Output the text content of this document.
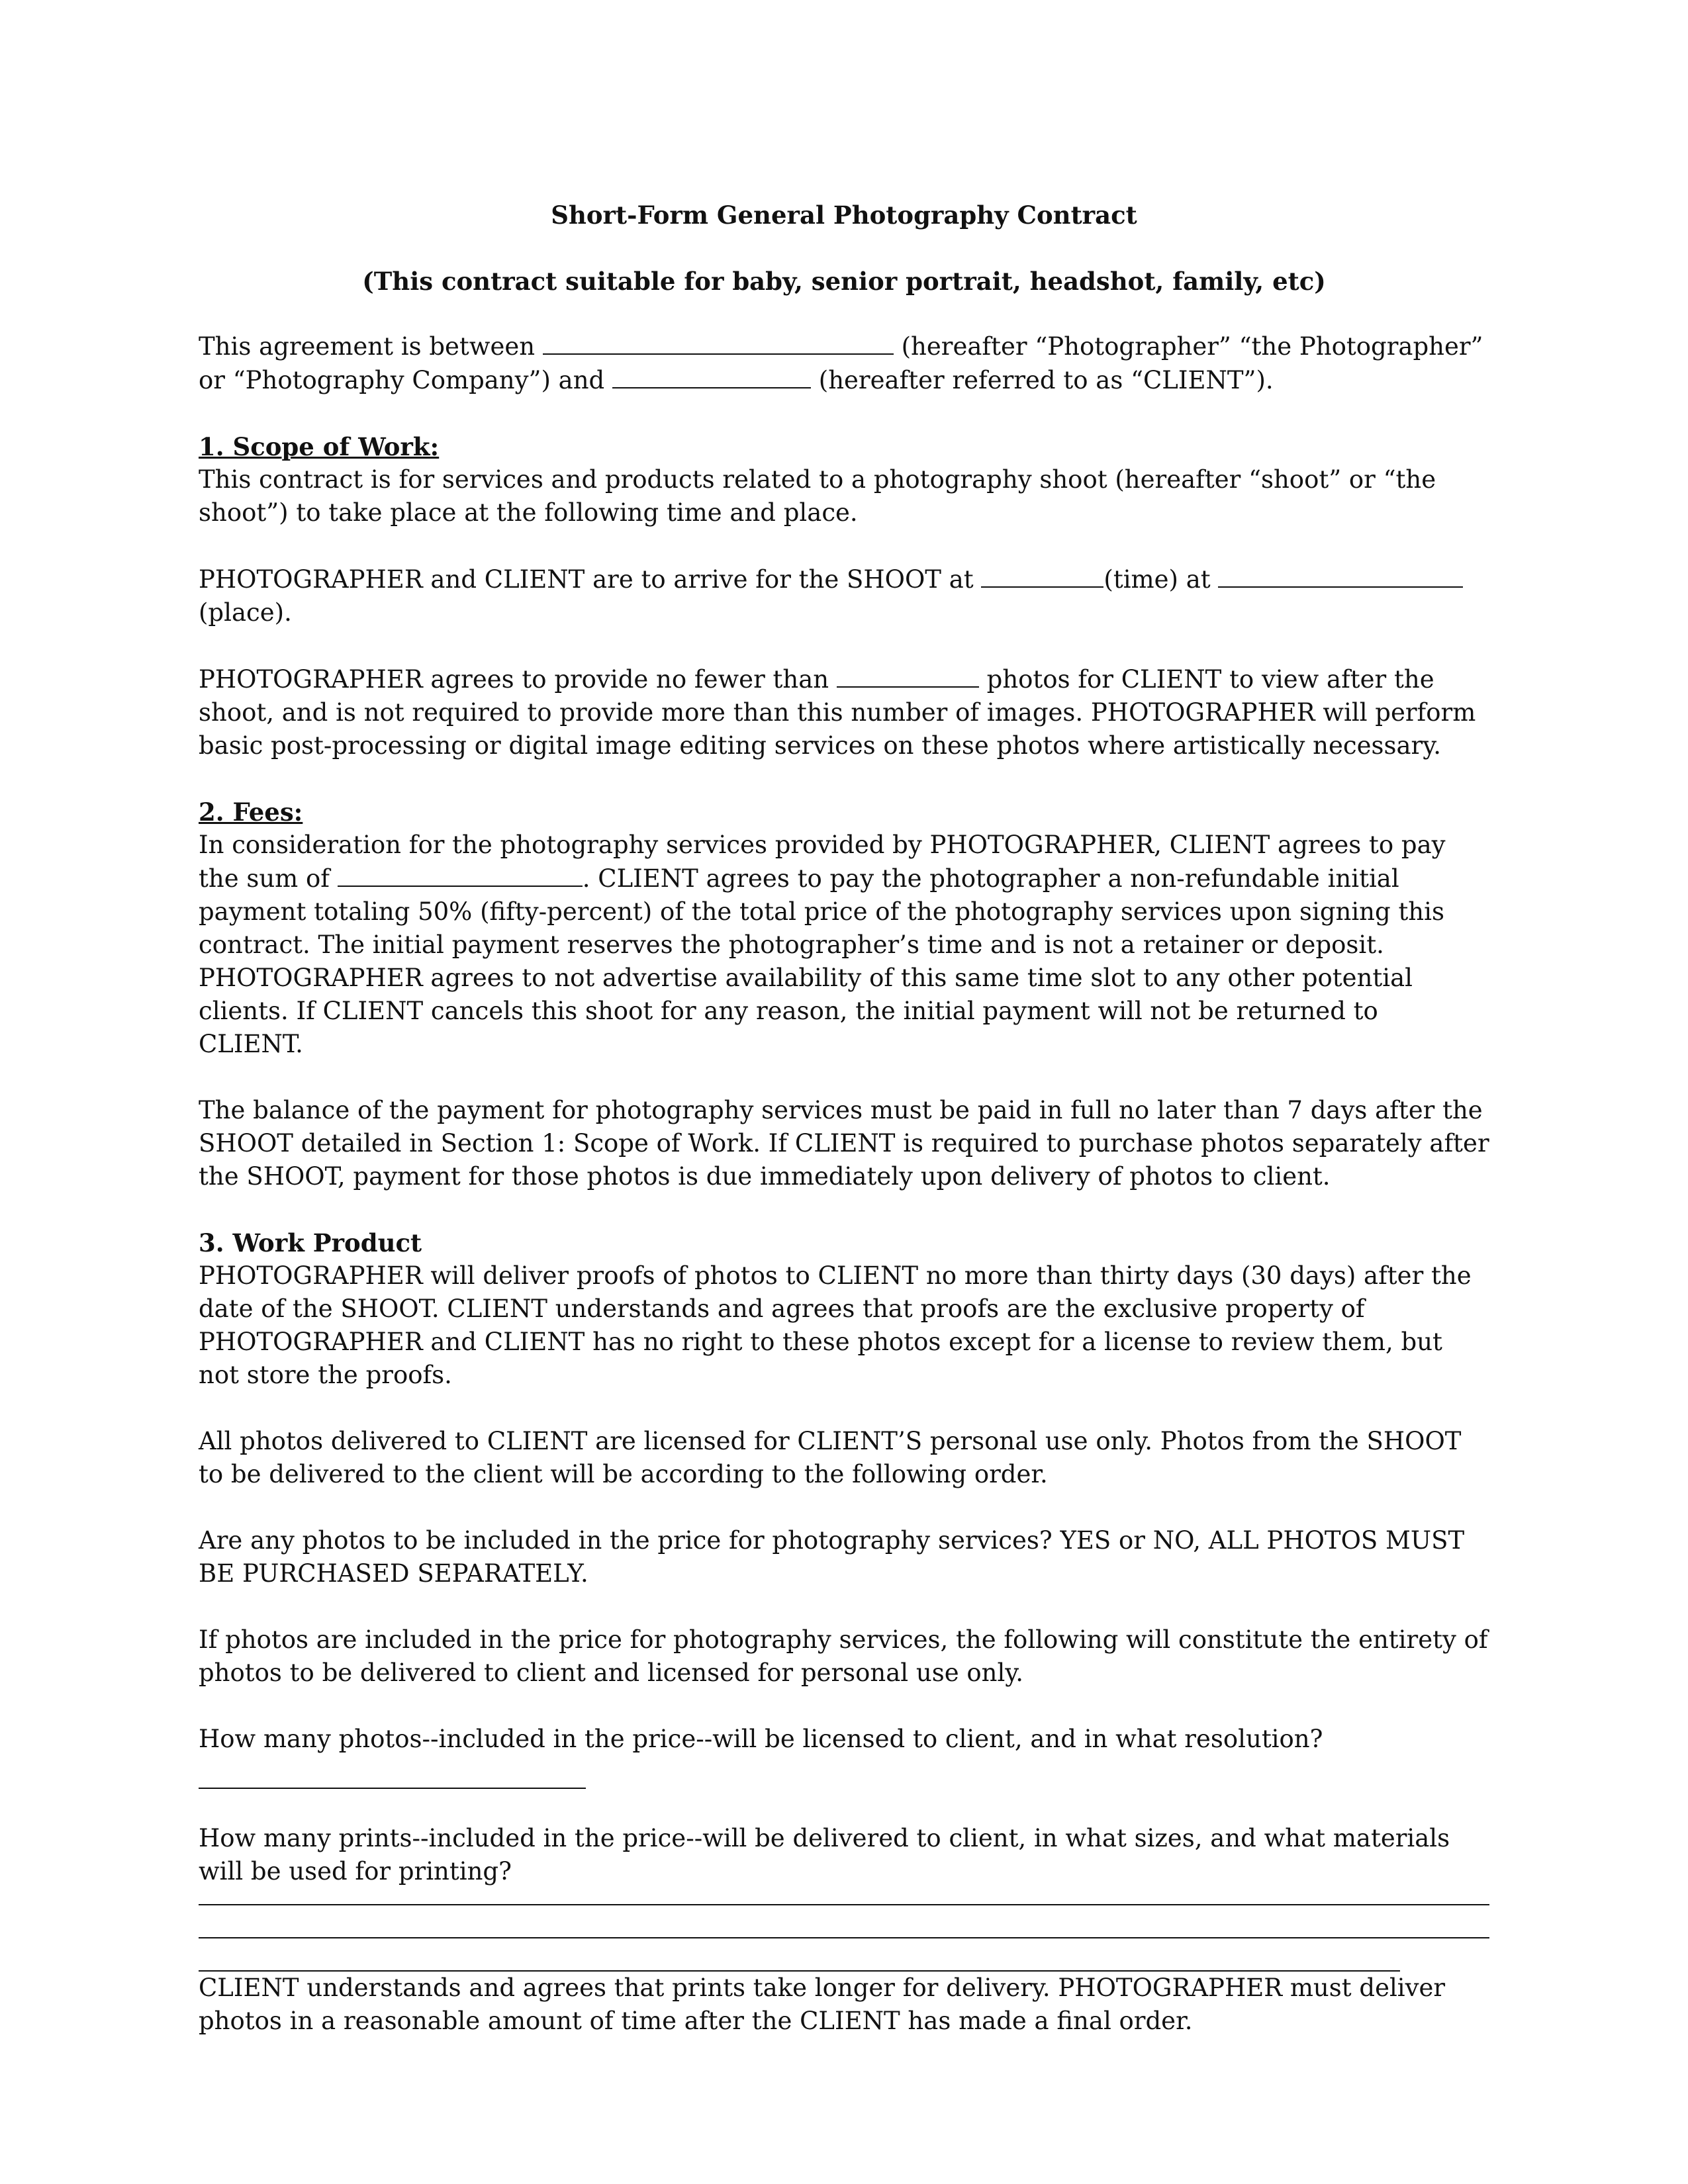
Short-Form General Photography Contract
(This contract suitable for baby, senior portrait, headshot, family, etc)

This agreement is between	(hereafter “Photographer” “the Photographer” or “Photography Company”) and	(hereafter referred to as “CLIENT”).

1. Scope of Work:

This contract is for services and products related to a photography shoot (hereafter “shoot” or “the shoot”) to take place at the following time and place.

PHOTOGRAPHER and CLIENT are to arrive for the SHOOT at	(time) at (place).

PHOTOGRAPHER agrees to provide no fewer than	photos for CLIENT to view after the shoot, and is not required to provide more than this number of images. PHOTOGRAPHER will perform basic post-processing or digital image editing services on these photos where artistically necessary.

2. Fees:

In consideration for the photography services provided by PHOTOGRAPHER, CLIENT agrees to pay the sum of	. CLIENT agrees to pay the photographer a non-refundable initial payment totaling 50% (fifty-percent) of the total price of the photography services upon signing this contract. The initial payment reserves the photographer’s time and is not a retainer or deposit. PHOTOGRAPHER agrees to not advertise availability of this same time slot to any other potential clients. If CLIENT cancels this shoot for any reason, the initial payment will not be returned to CLIENT.

The balance of the payment for photography services must be paid in full no later than 7 days after the SHOOT detailed in Section 1: Scope of Work. If CLIENT is required to purchase photos separately after the SHOOT, payment for those photos is due immediately upon delivery of photos to client.

3. Work Product

PHOTOGRAPHER will deliver proofs of photos to CLIENT no more than thirty days (30 days) after the date of the SHOOT. CLIENT understands and agrees that proofs are the exclusive property of PHOTOGRAPHER and CLIENT has no right to these photos except for a license to review them, but not store the proofs.

All photos delivered to CLIENT are licensed for CLIENT’S personal use only. Photos from the SHOOT to be delivered to the client will be according to the following order.

Are any photos to be included in the price for photography services? YES or NO, ALL PHOTOS MUST BE PURCHASED SEPARATELY.

If photos are included in the price for photography services, the following will constitute the entirety of photos to be delivered to client and licensed for personal use only.

How many photos--included in the price--will be licensed to client, and in what resolution?

How many prints--included in the price--will be delivered to client, in what sizes, and what materials will be used for printing?

CLIENT understands and agrees that prints take longer for delivery. PHOTOGRAPHER must deliver photos in a reasonable amount of time after the CLIENT has made a final order.
